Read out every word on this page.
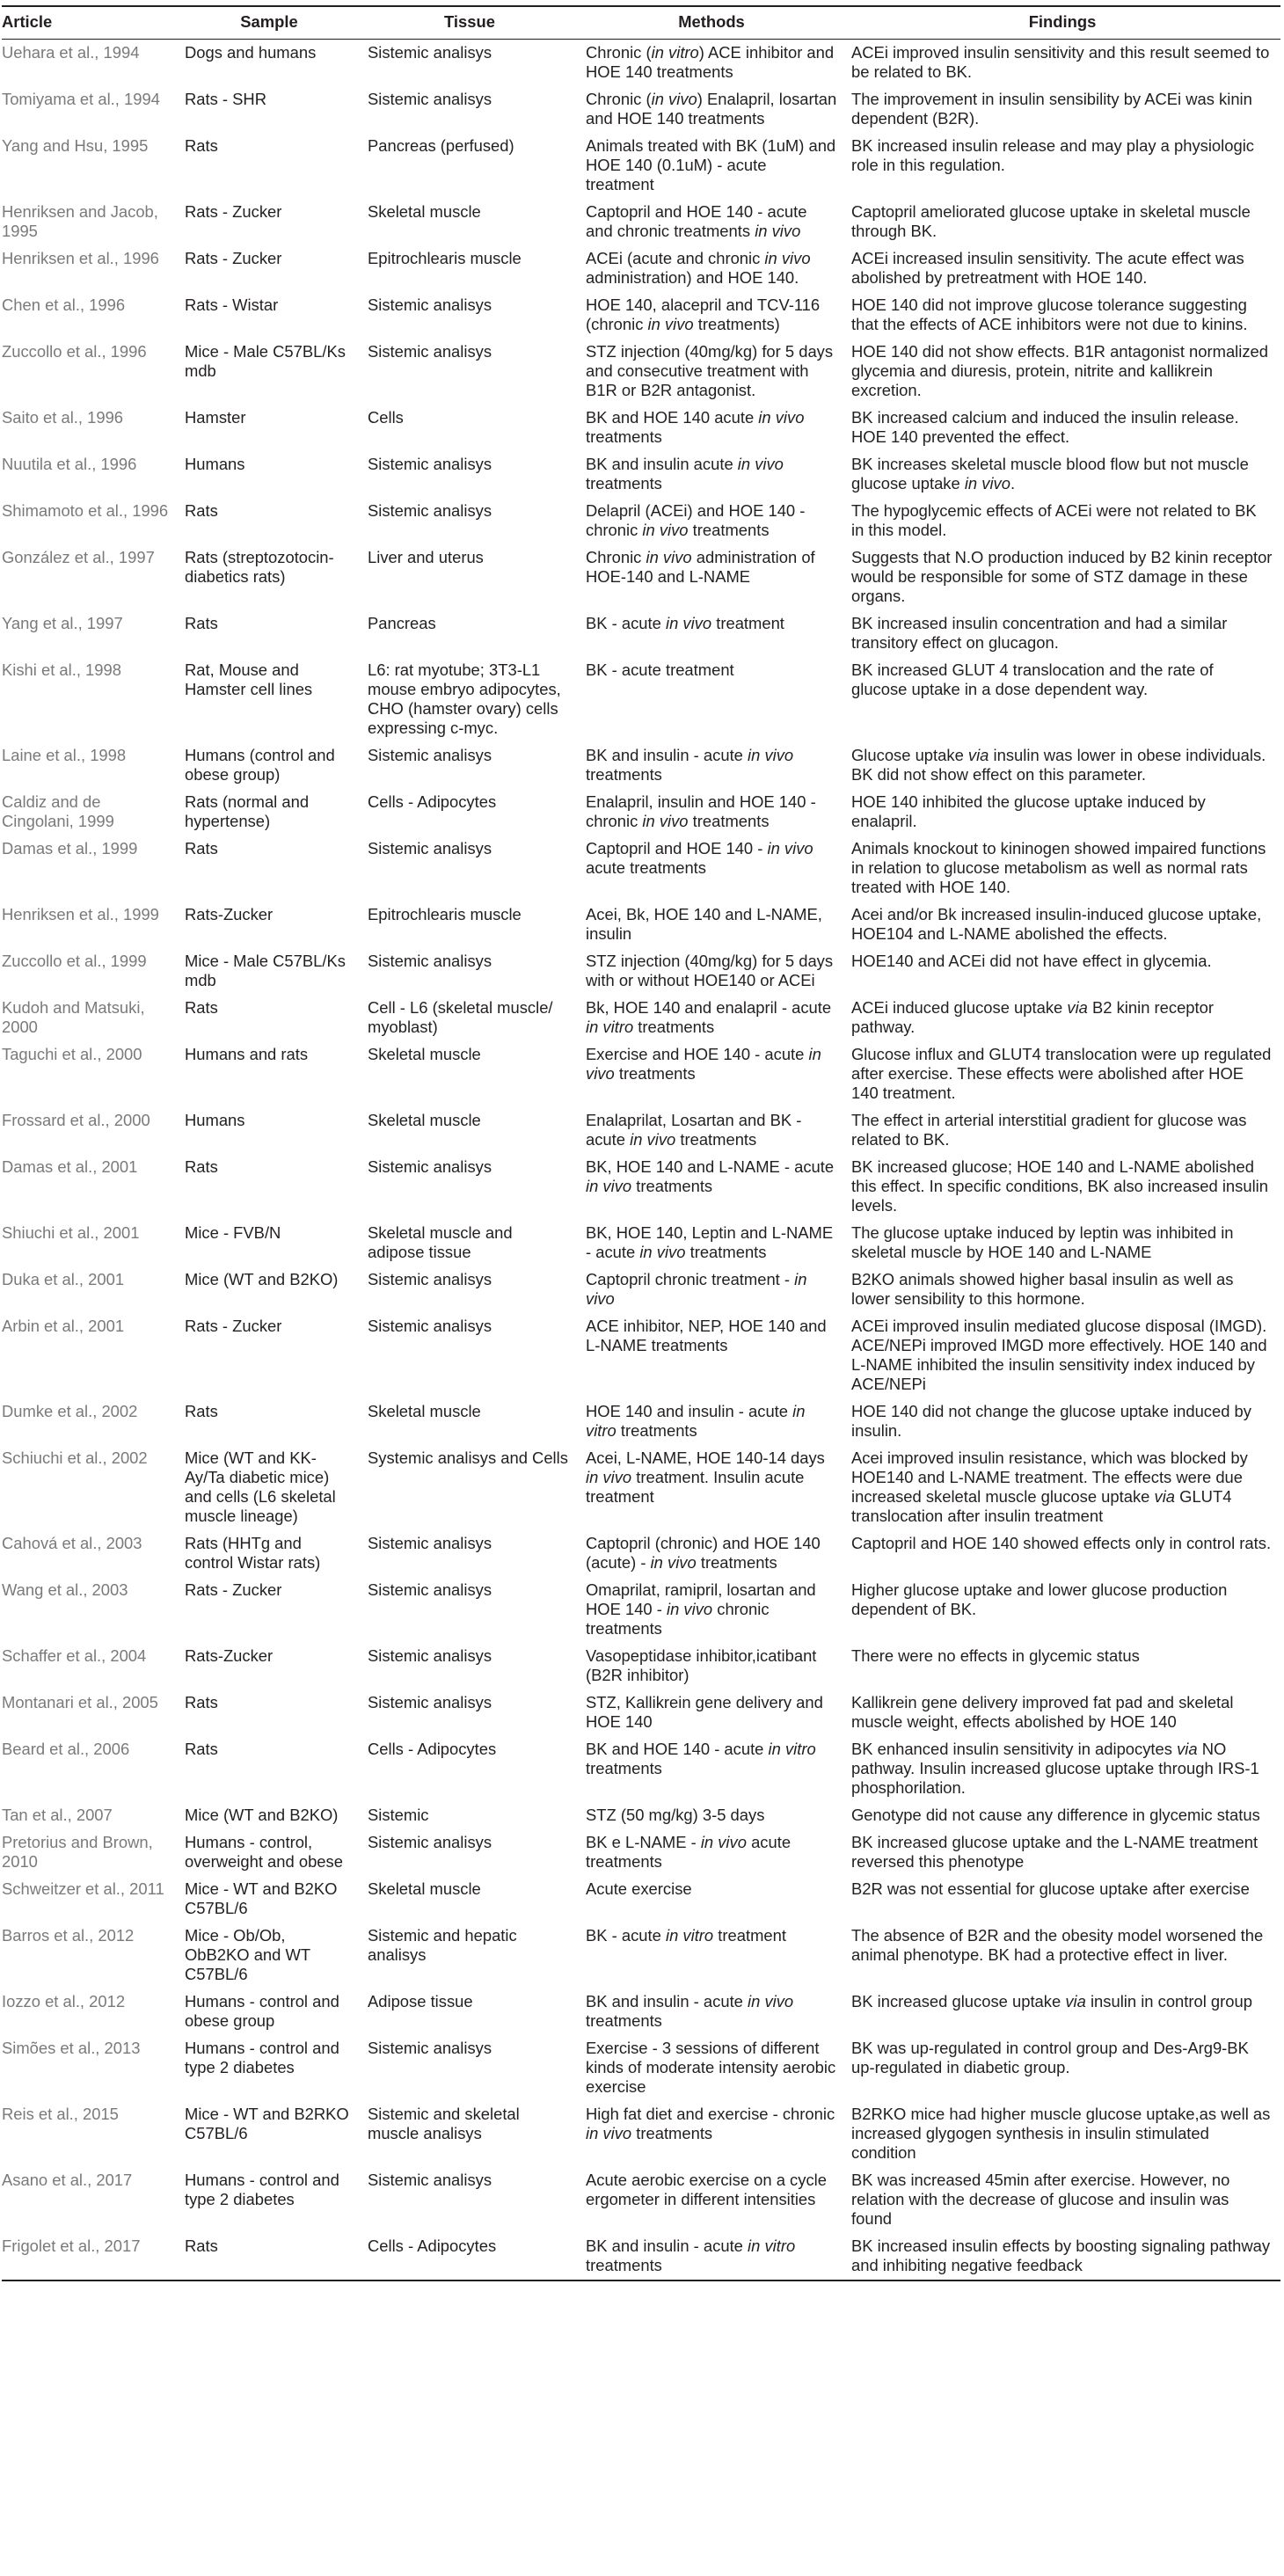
Article	Sample	Tissue	Methods	Findings
Uehara et al., 1994	Dogs and humans	Sistemic analisys	Chronic (in vitro) ACE inhibitor and HOE 140 treatments	ACEi improved insulin sensitivity and this result seemed to be related to BK.
Tomiyama et al., 1994	Rats - SHR	Sistemic analisys	Chronic (in vivo) Enalapril, losartan and HOE 140 treatments	The improvement in insulin sensibility by ACEi was kinin dependent (B2R).
Yang and Hsu, 1995	Rats	Pancreas (perfused)	Animals treated with BK (1uM) and HOE 140 (0.1uM) - acute treatment	BK increased insulin release and may play a physiologic role in this regulation.
Henriksen and Jacob, 1995	Rats - Zucker	Skeletal muscle	Captopril and HOE 140 - acute and chronic treatments in vivo	Captopril ameliorated glucose uptake in skeletal muscle through BK.
Henriksen et al., 1996	Rats - Zucker	Epitrochlearis muscle	ACEi (acute and chronic in vivo administration) and HOE 140.	ACEi increased insulin sensitivity. The acute effect was abolished by pretreatment with HOE 140.
Chen et al., 1996	Rats - Wistar	Sistemic analisys	HOE 140, alacepril and TCV-116 (chronic in vivo treatments)	HOE 140 did not improve glucose tolerance suggesting that the effects of ACE inhibitors were not due to kinins.
Zuccollo et al., 1996	Mice - Male C57BL/Ks mdb	Sistemic analisys	STZ injection (40mg/kg) for 5 days and consecutive treatment with B1R or B2R antagonist.	HOE 140 did not show effects. B1R antagonist normalized glycemia and diuresis, protein, nitrite and kallikrein excretion.
Saito et al., 1996	Hamster	Cells	BK and HOE 140 acute in vivo treatments	BK increased calcium and induced the insulin release. HOE 140 prevented the effect.
Nuutila et al., 1996	Humans	Sistemic analisys	BK and insulin acute in vivo treatments	BK increases skeletal muscle blood flow but not muscle glucose uptake in vivo.
Shimamoto et al., 1996	Rats	Sistemic analisys	Delapril (ACEi) and HOE 140 - chronic in vivo treatments	The hypoglycemic effects of ACEi were not related to BK in this model.
González et al., 1997	Rats (streptozotocin-diabetics rats)	Liver and uterus	Chronic in vivo administration of HOE-140 and L-NAME	Suggests that N.O production induced by B2 kinin receptor would be responsible for some of STZ damage in these organs.
Yang et al., 1997	Rats	Pancreas	BK - acute in vivo treatment	BK increased insulin concentration and had a similar transitory effect on glucagon.
Kishi et al., 1998	Rat, Mouse and Hamster cell lines	L6: rat myotube; 3T3-L1 mouse embryo adipocytes, CHO (hamster ovary) cells expressing c-myc.	BK - acute treatment	BK increased GLUT 4 translocation and the rate of glucose uptake in a dose dependent way.
Laine et al., 1998	Humans (control and obese group)	Sistemic analisys	BK and insulin - acute in vivo treatments	Glucose uptake via insulin was lower in obese individuals. BK did not show effect on this parameter.
Caldiz and de Cingolani, 1999	Rats (normal and hypertense)	Cells - Adipocytes	Enalapril, insulin and HOE 140 - chronic in vivo treatments	HOE 140 inhibited the glucose uptake induced by enalapril.
Damas et al., 1999	Rats	Sistemic analisys	Captopril and HOE 140 - in vivo acute treatments	Animals knockout to kininogen showed impaired functions in relation to glucose metabolism as well as normal rats treated with HOE 140.
Henriksen et al., 1999	Rats-Zucker	Epitrochlearis muscle	Acei, Bk, HOE 140 and L-NAME, insulin	Acei and/or Bk increased insulin-induced glucose uptake, HOE104 and L-NAME abolished the effects.
Zuccollo et al., 1999	Mice - Male C57BL/Ks mdb	Sistemic analisys	STZ injection (40mg/kg) for 5 days with or without HOE140 or ACEi	HOE140 and ACEi did not have effect in glycemia.
Kudoh and Matsuki, 2000	Rats	Cell - L6 (skeletal muscle/ myoblast)	Bk, HOE 140 and enalapril - acute in vitro treatments	ACEi induced glucose uptake via B2 kinin receptor pathway.
Taguchi et al., 2000	Humans and rats	Skeletal muscle	Exercise and HOE 140 - acute in vivo treatments	Glucose influx and GLUT4 translocation were up regulated after exercise. These effects were abolished after HOE 140 treatment.
Frossard et al., 2000	Humans	Skeletal muscle	Enalaprilat, Losartan and BK - acute in vivo treatments	The effect in arterial interstitial gradient for glucose was related to BK.
Damas et al., 2001	Rats	Sistemic analisys	BK, HOE 140 and L-NAME - acute in vivo treatments	BK increased glucose; HOE 140 and L-NAME abolished this effect. In specific conditions, BK also increased insulin levels.
Shiuchi et al., 2001	Mice - FVB/N	Skeletal muscle and adipose tissue	BK, HOE 140, Leptin and L-NAME - acute in vivo treatments	The glucose uptake induced by leptin was inhibited in skeletal muscle by HOE 140 and L-NAME
Duka et al., 2001	Mice (WT and B2KO)	Sistemic analisys	Captopril chronic treatment - in vivo	B2KO animals showed higher basal insulin as well as lower sensibility to this hormone.
Arbin et al., 2001	Rats - Zucker	Sistemic analisys	ACE inhibitor, NEP, HOE 140 and L-NAME treatments	ACEi improved insulin mediated glucose disposal (IMGD). ACE/NEPi improved IMGD more effectively. HOE 140 and L-NAME inhibited the insulin sensitivity index induced by ACE/NEPi
Dumke et al., 2002	Rats	Skeletal muscle	HOE 140 and insulin - acute in vitro treatments	HOE 140 did not change the glucose uptake induced by insulin.
Schiuchi et al., 2002	Mice (WT and KK-Ay/Ta diabetic mice) and cells (L6 skeletal muscle lineage)	Systemic analisys and Cells	Acei, L-NAME, HOE 140-14 days in vivo treatment. Insulin acute treatment	Acei improved insulin resistance, which was blocked by HOE140 and L-NAME treatment. The effects were due increased skeletal muscle glucose uptake via GLUT4 translocation after insulin treatment
Cahová et al., 2003	Rats (HHTg and control Wistar rats)	Sistemic analisys	Captopril (chronic) and HOE 140 (acute) - in vivo treatments	Captopril and HOE 140 showed effects only in control rats.
Wang et al., 2003	Rats - Zucker	Sistemic analisys	Omaprilat, ramipril, losartan and HOE 140 - in vivo chronic treatments	Higher glucose uptake and lower glucose production dependent of BK.
Schaffer et al., 2004	Rats-Zucker	Sistemic analisys	Vasopeptidase inhibitor,icatibant (B2R inhibitor)	There were no effects in glycemic status
Montanari et al., 2005	Rats	Sistemic analisys	STZ, Kallikrein gene delivery and HOE 140	Kallikrein gene delivery improved fat pad and skeletal muscle weight, effects abolished by HOE 140
Beard et al., 2006	Rats	Cells - Adipocytes	BK and HOE 140 - acute in vitro treatments	BK enhanced insulin sensitivity in adipocytes via NO pathway. Insulin increased glucose uptake through IRS-1 phosphorilation.
Tan et al., 2007	Mice (WT and B2KO)	Sistemic	STZ (50 mg/kg) 3-5 days	Genotype did not cause any difference in glycemic status
Pretorius and Brown, 2010	Humans - control, overweight and obese	Sistemic analisys	BK e L-NAME - in vivo acute treatments	BK increased glucose uptake and the L-NAME treatment reversed this phenotype
Schweitzer et al., 2011	Mice - WT and B2KO C57BL/6	Skeletal muscle	Acute exercise	B2R was not essential for glucose uptake after exercise
Barros et al., 2012	Mice - Ob/Ob, ObB2KO and WT C57BL/6	Sistemic and hepatic analisys	BK - acute in vitro treatment	The absence of B2R and the obesity model worsened the animal phenotype. BK had a protective effect in liver.
Iozzo et al., 2012	Humans - control and obese group	Adipose tissue	BK and insulin - acute in vivo treatments	BK increased glucose uptake via insulin in control group
Simões et al., 2013	Humans - control and type 2 diabetes	Sistemic analisys	Exercise - 3 sessions of different kinds of moderate intensity aerobic exercise	BK was up-regulated in control group and Des-Arg9-BK up-regulated in diabetic group.
Reis et al., 2015	Mice - WT and B2RKO C57BL/6	Sistemic and skeletal muscle analisys	High fat diet and exercise - chronic in vivo treatments	B2RKO mice had higher muscle glucose uptake,as well as increased glygogen synthesis in insulin stimulated condition
Asano et al., 2017	Humans - control and type 2 diabetes	Sistemic analisys	Acute aerobic exercise on a cycle ergometer in different intensities	BK was increased 45min after exercise. However, no relation with the decrease of glucose and insulin was found
Frigolet et al., 2017	Rats	Cells - Adipocytes	BK and insulin - acute in vitro treatments	BK increased insulin effects by boosting signaling pathway and inhibiting negative feedback
